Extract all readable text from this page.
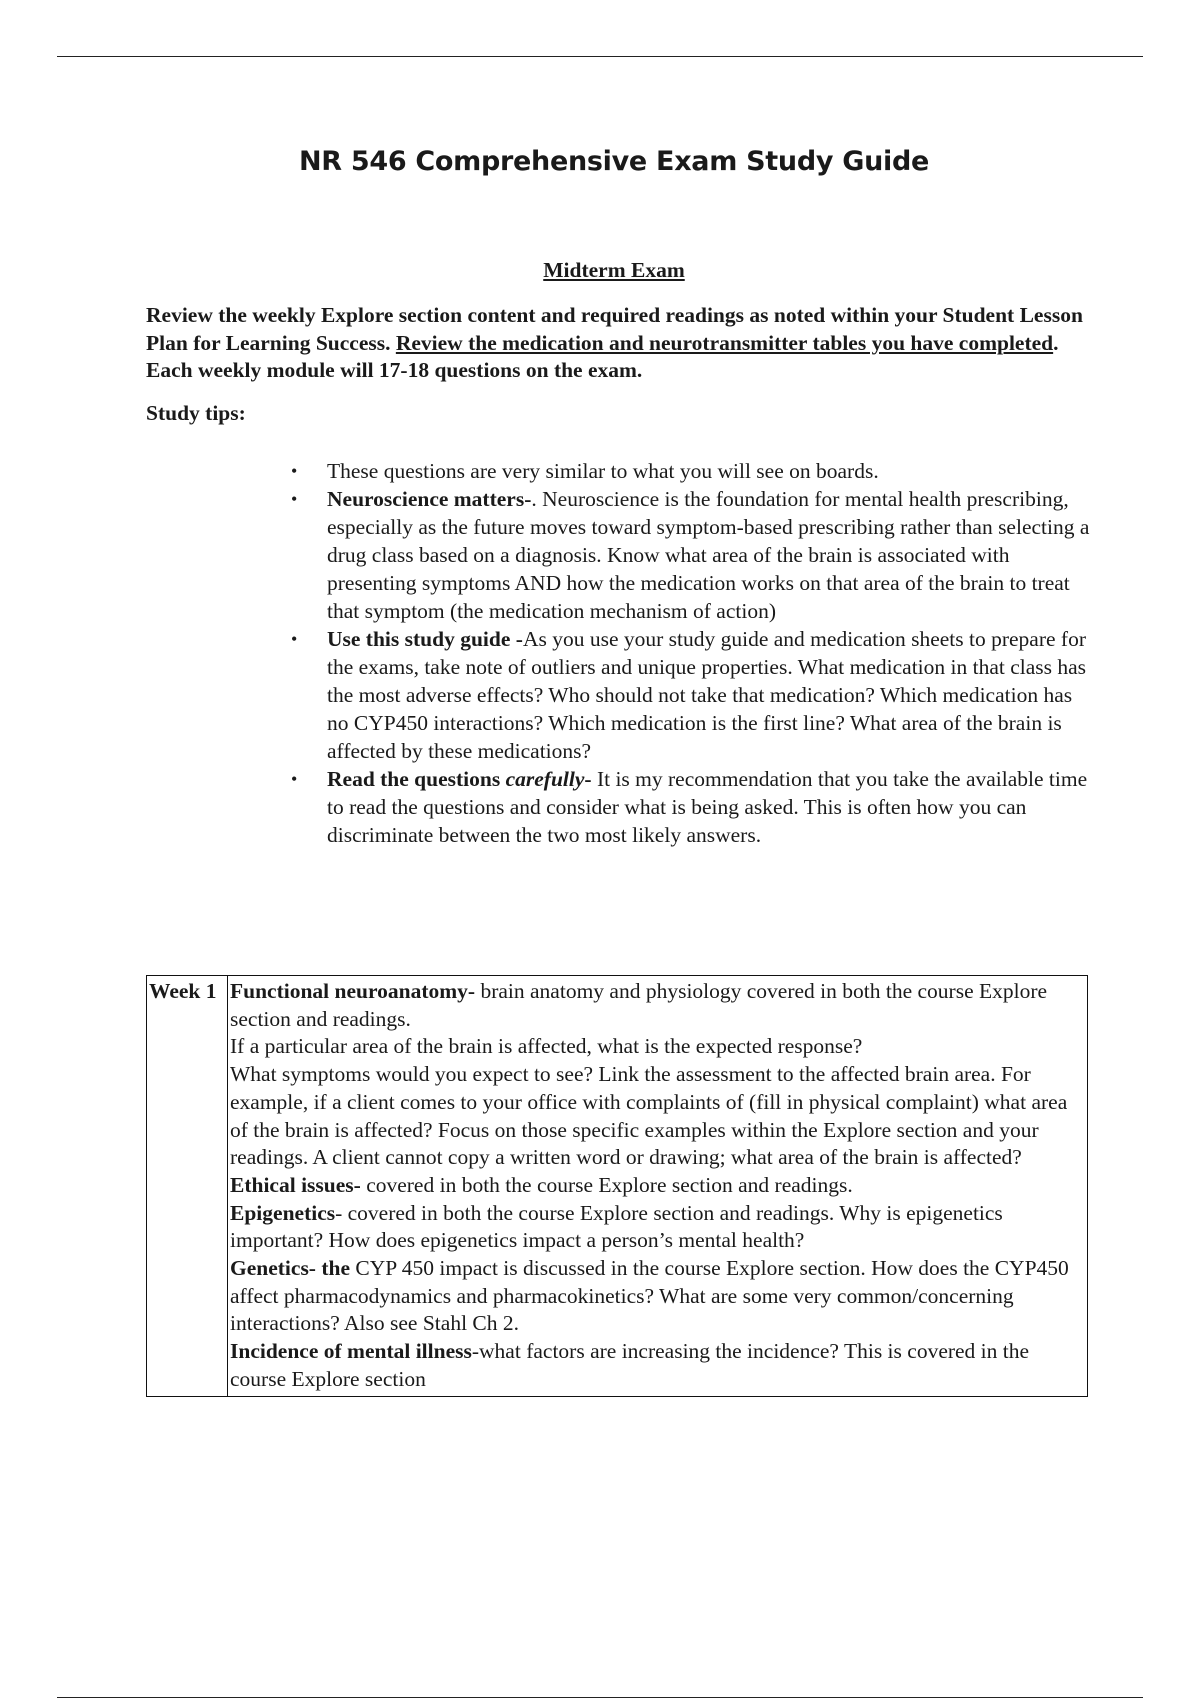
NR 546 Comprehensive Exam Study Guide
Midterm Exam
Review the weekly Explore section content and required readings as noted within your Student Lesson Plan for Learning Success. Review the medication and neurotransmitter tables you have completed. Each weekly module will 17-18 questions on the exam.
Study tips:
• These questions are very similar to what you will see on boards.
• Neuroscience matters-. Neuroscience is the foundation for mental health prescribing, especially as the future moves toward symptom-based prescribing rather than selecting a drug class based on a diagnosis. Know what area of the brain is associated with presenting symptoms AND how the medication works on that area of the brain to treat that symptom (the medication mechanism of action)
• Use this study guide -As you use your study guide and medication sheets to prepare for the exams, take note of outliers and unique properties. What medication in that class has the most adverse effects? Who should not take that medication? Which medication has no CYP450 interactions? Which medication is the first line? What area of the brain is affected by these medications?
• Read the questions carefully- It is my recommendation that you take the available time to read the questions and consider what is being asked. This is often how you can discriminate between the two most likely answers.
Week 1	Functional neuroanatomy- brain anatomy and physiology covered in both the course Explore section and readings.

If a particular area of the brain is affected, what is the expected response?

What symptoms would you expect to see? Link the assessment to the affected brain area. For example, if a client comes to your office with complaints of (fill in physical complaint) what area of the brain is affected? Focus on those specific examples within the Explore section and your readings. A client cannot copy a written word or drawing; what area of the brain is affected?

Ethical issues- covered in both the course Explore section and readings.

Epigenetics- covered in both the course Explore section and readings. Why is epigenetics important? How does epigenetics impact a person’s mental health?

Genetics- the CYP 450 impact is discussed in the course Explore section. How does the CYP450 affect pharmacodynamics and pharmacokinetics? What are some very common/concerning interactions? Also see Stahl Ch 2.

Incidence of mental illness-what factors are increasing the incidence? This is covered in the course Explore section
